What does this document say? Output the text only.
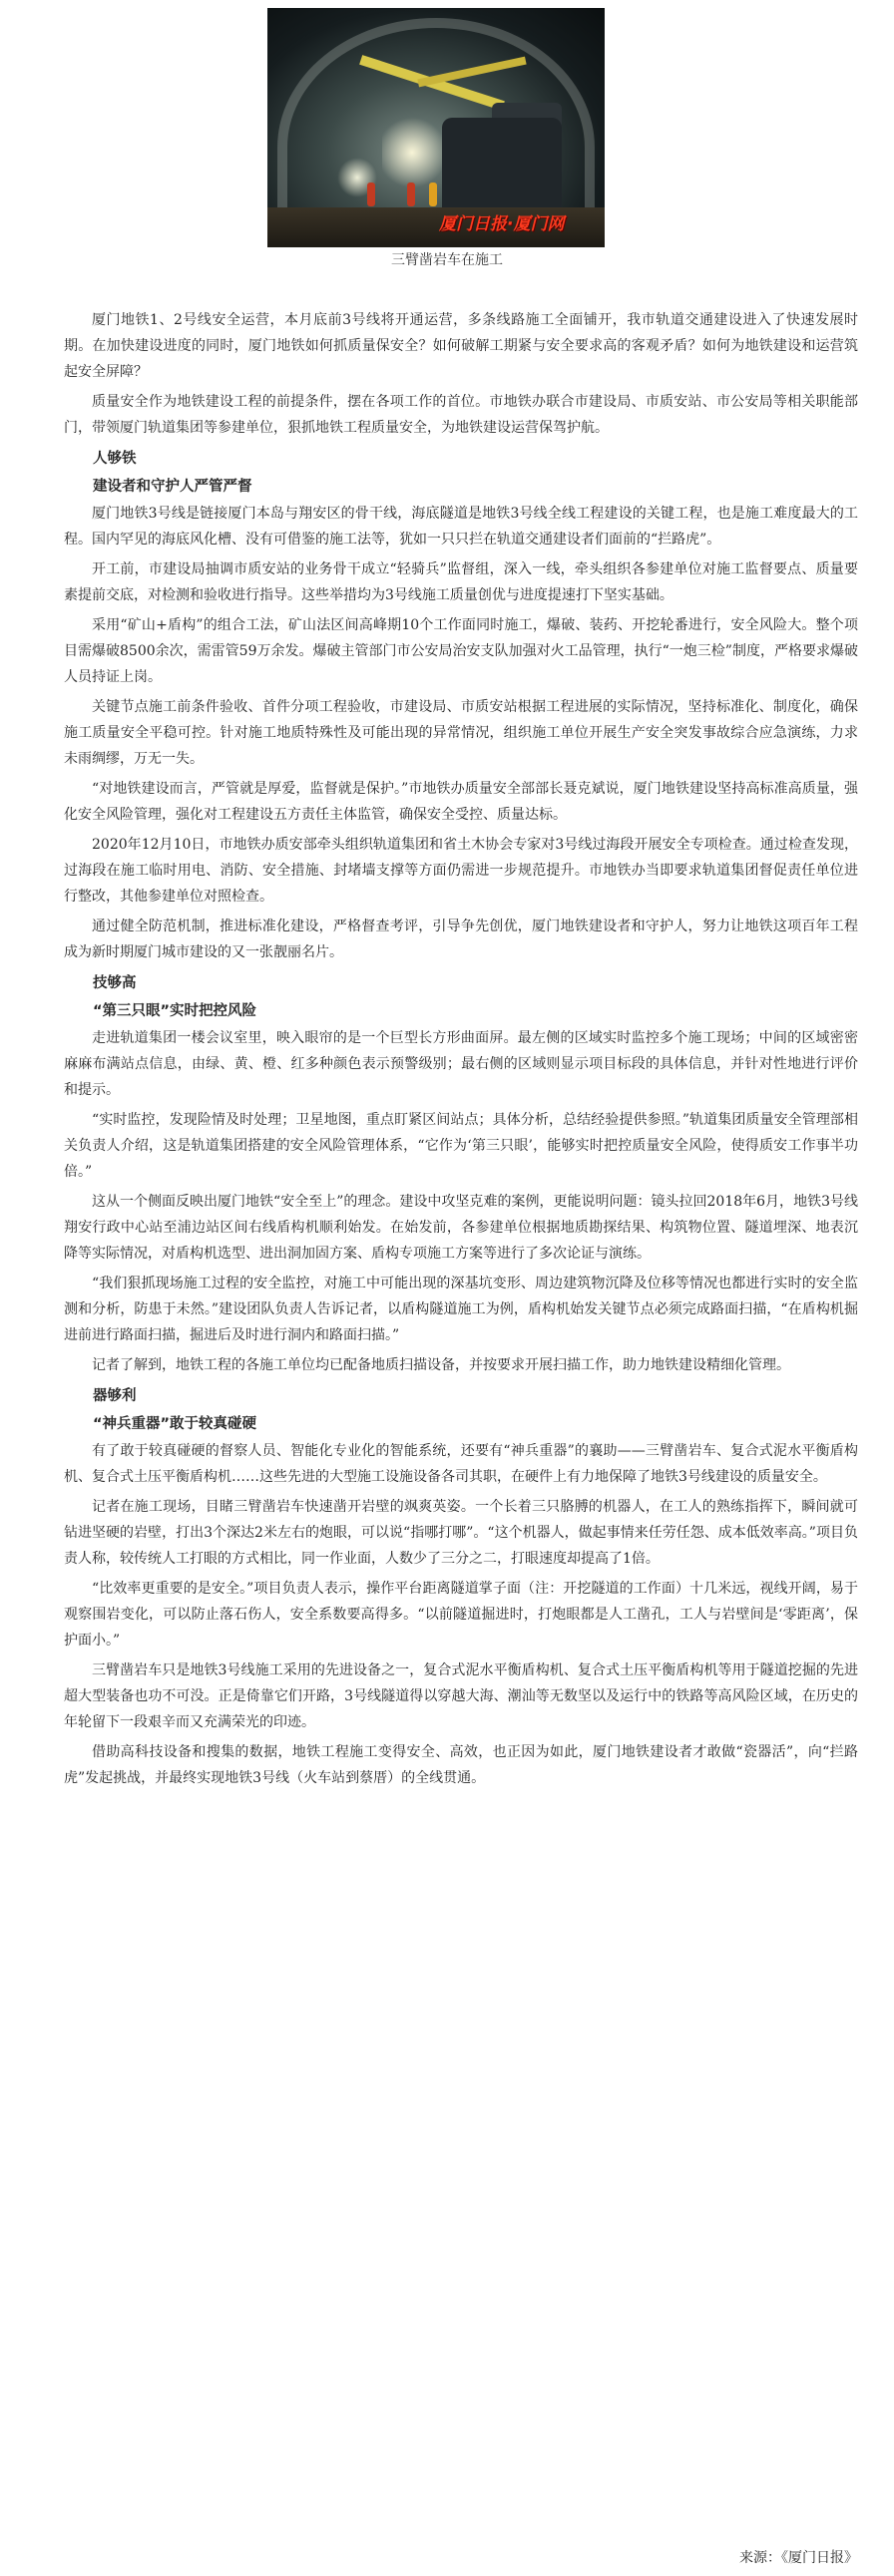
厦门日报·厦门网
三臂凿岩车在施工

厦门地铁1、2号线安全运营，本月底前3号线将开通运营，多条线路施工全面铺开，我市轨道交通建设进入了快速发展时期。在加快建设进度的同时，厦门地铁如何抓质量保安全？如何破解工期紧与安全要求高的客观矛盾？如何为地铁建设和运营筑起安全屏障？

质量安全作为地铁建设工程的前提条件，摆在各项工作的首位。市地铁办联合市建设局、市质安站、市公安局等相关职能部门，带领厦门轨道集团等参建单位，狠抓地铁工程质量安全，为地铁建设运营保驾护航。

人够铁
建设者和守护人严管严督

厦门地铁3号线是链接厦门本岛与翔安区的骨干线，海底隧道是地铁3号线全线工程建设的关键工程，也是施工难度最大的工程。国内罕见的海底风化槽、没有可借鉴的施工法等，犹如一只只拦在轨道交通建设者们面前的“拦路虎”。

开工前，市建设局抽调市质安站的业务骨干成立“轻骑兵”监督组，深入一线，牵头组织各参建单位对施工监督要点、质量要素提前交底，对检测和验收进行指导。这些举措均为3号线施工质量创优与进度提速打下坚实基础。

采用“矿山+盾构”的组合工法，矿山法区间高峰期10个工作面同时施工，爆破、装药、开挖轮番进行，安全风险大。整个项目需爆破8500余次，需雷管59万余发。爆破主管部门市公安局治安支队加强对火工品管理，执行“一炮三检”制度，严格要求爆破人员持证上岗。

关键节点施工前条件验收、首件分项工程验收，市建设局、市质安站根据工程进展的实际情况，坚持标准化、制度化，确保施工质量安全平稳可控。针对施工地质特殊性及可能出现的异常情况，组织施工单位开展生产安全突发事故综合应急演练，力求未雨绸缪，万无一失。

“对地铁建设而言，严管就是厚爱，监督就是保护。”市地铁办质量安全部部长聂克斌说，厦门地铁建设坚持高标准高质量，强化安全风险管理，强化对工程建设五方责任主体监管，确保安全受控、质量达标。

2020年12月10日，市地铁办质安部牵头组织轨道集团和省土木协会专家对3号线过海段开展安全专项检查。通过检查发现，过海段在施工临时用电、消防、安全措施、封堵墙支撑等方面仍需进一步规范提升。市地铁办当即要求轨道集团督促责任单位进行整改，其他参建单位对照检查。

通过健全防范机制，推进标准化建设，严格督查考评，引导争先创优，厦门地铁建设者和守护人，努力让地铁这项百年工程成为新时期厦门城市建设的又一张靓丽名片。

技够高
“第三只眼”实时把控风险

走进轨道集团一楼会议室里，映入眼帘的是一个巨型长方形曲面屏。最左侧的区域实时监控多个施工现场；中间的区域密密麻麻布满站点信息，由绿、黄、橙、红多种颜色表示预警级别；最右侧的区域则显示项目标段的具体信息，并针对性地进行评价和提示。

“实时监控，发现险情及时处理；卫星地图，重点盯紧区间站点；具体分析，总结经验提供参照。”轨道集团质量安全管理部相关负责人介绍，这是轨道集团搭建的安全风险管理体系，“它作为‘第三只眼’，能够实时把控质量安全风险，使得质安工作事半功倍。”

这从一个侧面反映出厦门地铁“安全至上”的理念。建设中攻坚克难的案例，更能说明问题：镜头拉回2018年6月，地铁3号线翔安行政中心站至浦边站区间右线盾构机顺利始发。在始发前，各参建单位根据地质勘探结果、构筑物位置、隧道埋深、地表沉降等实际情况，对盾构机选型、进出洞加固方案、盾构专项施工方案等进行了多次论证与演练。

“我们狠抓现场施工过程的安全监控，对施工中可能出现的深基坑变形、周边建筑物沉降及位移等情况也都进行实时的安全监测和分析，防患于未然。”建设团队负责人告诉记者，以盾构隧道施工为例，盾构机始发关键节点必须完成路面扫描，“在盾构机掘进前进行路面扫描，掘进后及时进行洞内和路面扫描。”

记者了解到，地铁工程的各施工单位均已配备地质扫描设备，并按要求开展扫描工作，助力地铁建设精细化管理。

器够利
“神兵重器”敢于较真碰硬

有了敢于较真碰硬的督察人员、智能化专业化的智能系统，还要有“神兵重器”的襄助——三臂凿岩车、复合式泥水平衡盾构机、复合式土压平衡盾构机……这些先进的大型施工设施设备各司其职，在硬件上有力地保障了地铁3号线建设的质量安全。

记者在施工现场，目睹三臂凿岩车快速凿开岩壁的飒爽英姿。一个长着三只胳膊的机器人，在工人的熟练指挥下，瞬间就可钻进坚硬的岩壁，打出3个深达2米左右的炮眼，可以说“指哪打哪”。“这个机器人，做起事情来任劳任怨、成本低效率高。”项目负责人称，较传统人工打眼的方式相比，同一作业面，人数少了三分之二，打眼速度却提高了1倍。

“比效率更重要的是安全。”项目负责人表示，操作平台距离隧道掌子面（注：开挖隧道的工作面）十几米远，视线开阔，易于观察围岩变化，可以防止落石伤人，安全系数要高得多。“以前隧道掘进时，打炮眼都是人工凿孔，工人与岩壁间是‘零距离’，保护面小。”

三臂凿岩车只是地铁3号线施工采用的先进设备之一，复合式泥水平衡盾构机、复合式土压平衡盾构机等用于隧道挖掘的先进超大型装备也功不可没。正是倚靠它们开路，3号线隧道得以穿越大海、潮汕等无数坚以及运行中的铁路等高风险区域，在历史的年轮留下一段艰辛而又充满荣光的印迹。

借助高科技设备和搜集的数据，地铁工程施工变得安全、高效，也正因为如此，厦门地铁建设者才敢做“瓷器活”，向“拦路虎”发起挑战，并最终实现地铁3号线（火车站到蔡厝）的全线贯通。

来源：《厦门日报》
